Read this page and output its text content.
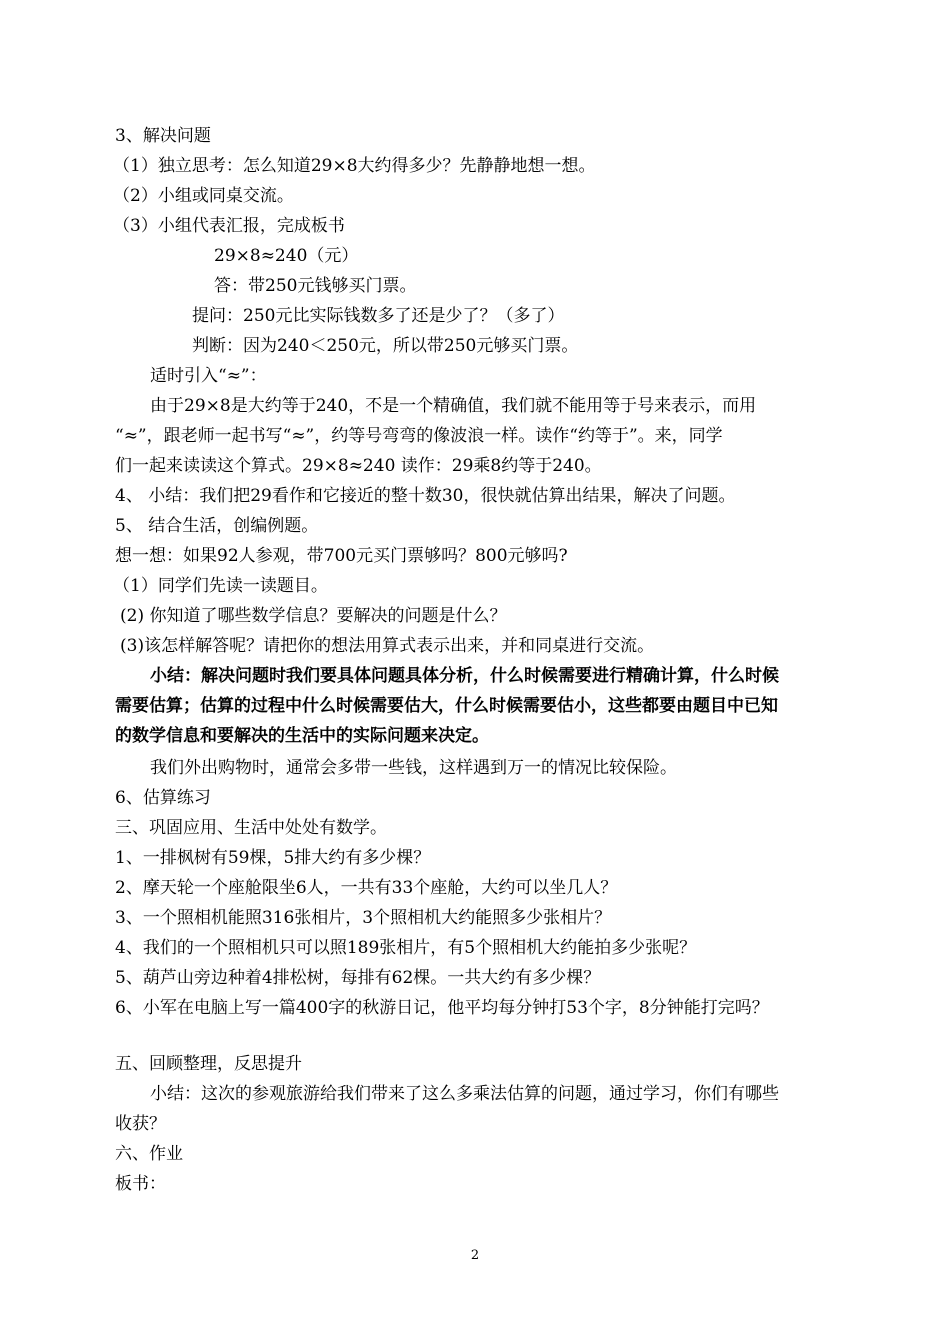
3、解决问题
（1）独立思考：怎么知道29×8大约得多少？先静静地想一想。
（2）小组或同桌交流。
（3）小组代表汇报，完成板书
29×8≈240（元）
答：带250元钱够买门票。
提问：250元比实际钱数多了还是少了？（多了）
判断：因为240＜250元，所以带250元够买门票。
适时引入“≈”：
由于29×8是大约等于240，不是一个精确值，我们就不能用等于号来表示，而用
“≈”，跟老师一起书写“≈”，约等号弯弯的像波浪一样。读作“约等于”。来，同学
们一起来读读这个算式。29×8≈240 读作：29乘8约等于240。
4、 小结：我们把29看作和它接近的整十数30，很快就估算出结果，解决了问题。
5、 结合生活，创编例题。
想一想：如果92人参观，带700元买门票够吗？800元够吗?
（1）同学们先读一读题目。
(2) 你知道了哪些数学信息？要解决的问题是什么？
(3)该怎样解答呢？请把你的想法用算式表示出来，并和同桌进行交流。
小结：解决问题时我们要具体问题具体分析，什么时候需要进行精确计算，什么时候
需要估算；估算的过程中什么时候需要估大，什么时候需要估小，这些都要由题目中已知
的数学信息和要解决的生活中的实际问题来决定。
我们外出购物时，通常会多带一些钱，这样遇到万一的情况比较保险。
6、估算练习
三、巩固应用、生活中处处有数学。
1、一排枫树有59棵，5排大约有多少棵？
2、摩天轮一个座舱限坐6人，一共有33个座舱，大约可以坐几人？
3、一个照相机能照316张相片，3个照相机大约能照多少张相片？
4、我们的一个照相机只可以照189张相片，有5个照相机大约能拍多少张呢？
5、葫芦山旁边种着4排松树，每排有62棵。一共大约有多少棵？
6、小军在电脑上写一篇400字的秋游日记，他平均每分钟打53个字，8分钟能打完吗？
五、回顾整理，反思提升
小结：这次的参观旅游给我们带来了这么多乘法估算的问题，通过学习，你们有哪些
收获？
六、作业
板书：
2
